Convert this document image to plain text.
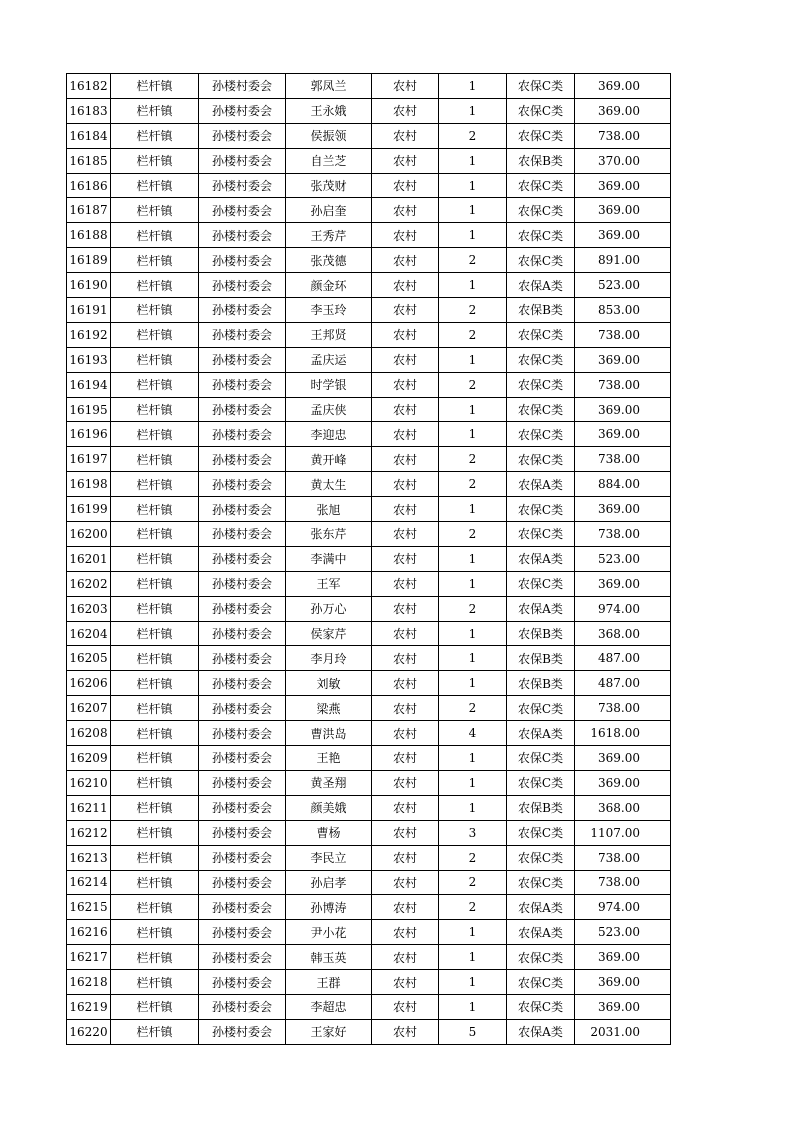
16182	栏杆镇	孙楼村委会	郭凤兰	农村	1	农保C类	369.00
16183	栏杆镇	孙楼村委会	王永娥	农村	1	农保C类	369.00
16184	栏杆镇	孙楼村委会	侯振领	农村	2	农保C类	738.00
16185	栏杆镇	孙楼村委会	自兰芝	农村	1	农保B类	370.00
16186	栏杆镇	孙楼村委会	张茂财	农村	1	农保C类	369.00
16187	栏杆镇	孙楼村委会	孙启奎	农村	1	农保C类	369.00
16188	栏杆镇	孙楼村委会	王秀芹	农村	1	农保C类	369.00
16189	栏杆镇	孙楼村委会	张茂德	农村	2	农保C类	891.00
16190	栏杆镇	孙楼村委会	颜金环	农村	1	农保A类	523.00
16191	栏杆镇	孙楼村委会	李玉玲	农村	2	农保B类	853.00
16192	栏杆镇	孙楼村委会	王邦贤	农村	2	农保C类	738.00
16193	栏杆镇	孙楼村委会	孟庆运	农村	1	农保C类	369.00
16194	栏杆镇	孙楼村委会	时学银	农村	2	农保C类	738.00
16195	栏杆镇	孙楼村委会	孟庆侠	农村	1	农保C类	369.00
16196	栏杆镇	孙楼村委会	李迎忠	农村	1	农保C类	369.00
16197	栏杆镇	孙楼村委会	黄开峰	农村	2	农保C类	738.00
16198	栏杆镇	孙楼村委会	黄太生	农村	2	农保A类	884.00
16199	栏杆镇	孙楼村委会	张旭	农村	1	农保C类	369.00
16200	栏杆镇	孙楼村委会	张东芹	农村	2	农保C类	738.00
16201	栏杆镇	孙楼村委会	李满中	农村	1	农保A类	523.00
16202	栏杆镇	孙楼村委会	王军	农村	1	农保C类	369.00
16203	栏杆镇	孙楼村委会	孙万心	农村	2	农保A类	974.00
16204	栏杆镇	孙楼村委会	侯家芹	农村	1	农保B类	368.00
16205	栏杆镇	孙楼村委会	李月玲	农村	1	农保B类	487.00
16206	栏杆镇	孙楼村委会	刘敏	农村	1	农保B类	487.00
16207	栏杆镇	孙楼村委会	梁燕	农村	2	农保C类	738.00
16208	栏杆镇	孙楼村委会	曹洪岛	农村	4	农保A类	1618.00
16209	栏杆镇	孙楼村委会	王艳	农村	1	农保C类	369.00
16210	栏杆镇	孙楼村委会	黄圣翔	农村	1	农保C类	369.00
16211	栏杆镇	孙楼村委会	颜美娥	农村	1	农保B类	368.00
16212	栏杆镇	孙楼村委会	曹杨	农村	3	农保C类	1107.00
16213	栏杆镇	孙楼村委会	李民立	农村	2	农保C类	738.00
16214	栏杆镇	孙楼村委会	孙启孝	农村	2	农保C类	738.00
16215	栏杆镇	孙楼村委会	孙博涛	农村	2	农保A类	974.00
16216	栏杆镇	孙楼村委会	尹小花	农村	1	农保A类	523.00
16217	栏杆镇	孙楼村委会	韩玉英	农村	1	农保C类	369.00
16218	栏杆镇	孙楼村委会	王群	农村	1	农保C类	369.00
16219	栏杆镇	孙楼村委会	李超忠	农村	1	农保C类	369.00
16220	栏杆镇	孙楼村委会	王家好	农村	5	农保A类	2031.00
